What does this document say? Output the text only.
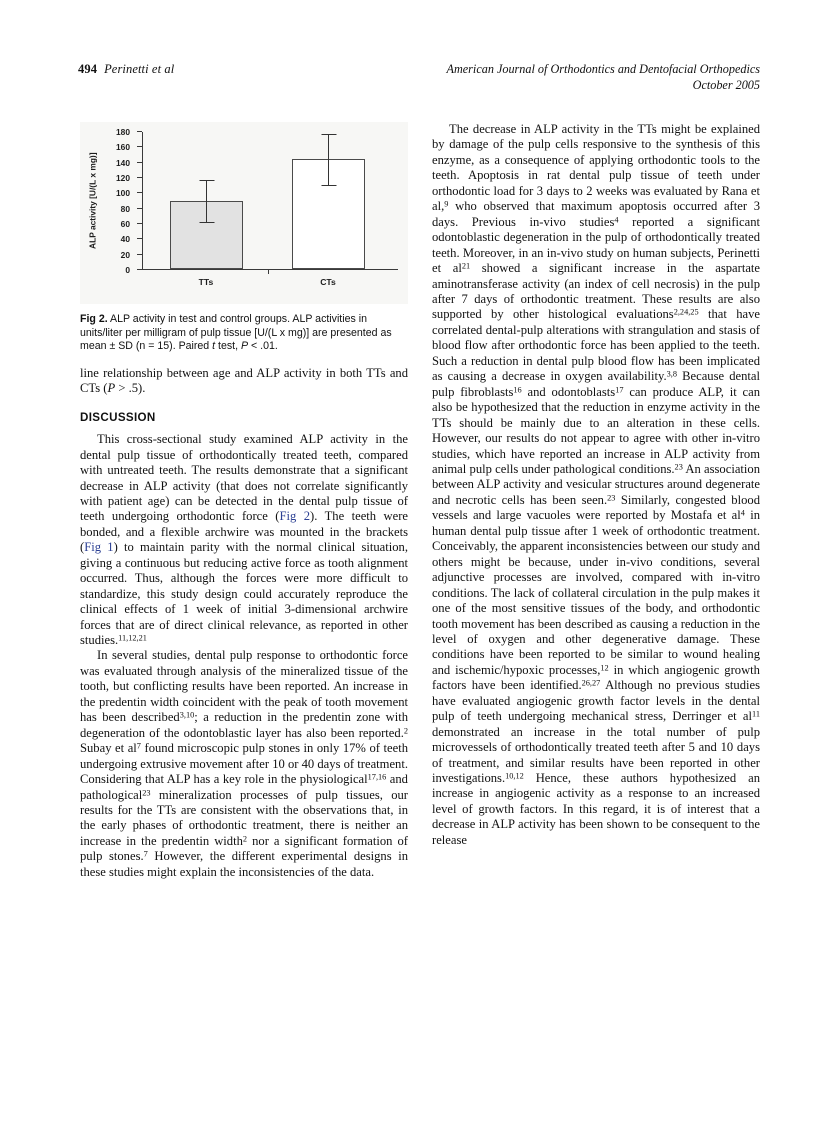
494 Perinetti et al	American Journal of Orthodontics and Dentofacial Orthopedics
October 2005
ALP activity [U/(L x mg)]
0
20
40
60
80
100
120
140
160
180
TTs	CTs
Fig 2. ALP activity in test and control groups. ALP activities in units/liter per milligram of pulp tissue [U/(L x mg)] are presented as mean ± SD (n = 15). Paired t test, P < .01.

line relationship between age and ALP activity in both TTs and CTs (P > .5).

DISCUSSION

This cross-sectional study examined ALP activity in the dental pulp tissue of orthodontically treated teeth, compared with untreated teeth. The results demonstrate that a significant decrease in ALP activity (that does not correlate significantly with patient age) can be detected in the dental pulp tissue of teeth undergoing orthodontic force (Fig 2). The teeth were bonded, and a flexible archwire was mounted in the brackets (Fig 1) to maintain parity with the normal clinical situation, giving a continuous but reducing active force as tooth alignment occurred. Thus, although the forces were more difficult to standardize, this study design could accurately reproduce the clinical effects of 1 week of initial 3-dimensional archwire forces that are of direct clinical relevance, as reported in other studies.$^{11,12,21}$

In several studies, dental pulp response to orthodontic force was evaluated through analysis of the mineralized tissue of the tooth, but conflicting results have been reported. An increase in the predentin width coincident with the peak of tooth movement has been described$^{3,10}$; a reduction in the predentin zone with degeneration of the odontoblastic layer has also been reported.$^2$ Subay et $al^7$ found microscopic pulp stones in only 17% of teeth undergoing extrusive movement after 10 or 40 days of treatment. Considering that ALP has a key role in the physiological$^{17,16}$ and pathological$^{23}$ mineralization processes of pulp tissues, our results for the TTs are consistent with the observations that, in the early phases of orthodontic treatment, there is neither an increase in the predentin width$^2$ nor a significant formation of pulp stones.$^7$ However, the different experimental designs in these studies might explain the inconsistencies of the data.

The decrease in ALP activity in the TTs might be explained by damage of the pulp cells responsive to the synthesis of this enzyme, as a consequence of applying orthodontic tools to the teeth. Apoptosis in rat dental pulp tissue of teeth under orthodontic load for 3 days to 2 weeks was evaluated by Rana et al,$^9$ who observed that maximum apoptosis occurred after 3 days. Previous in-vivo studies$^4$ reported a significant odontoblastic degeneration in the pulp of orthodontically treated teeth. Moreover, in an in-vivo study on human subjects, Perinetti et $al^{21}$ showed a significant increase in the aspartate aminotransferase activity (an index of cell necrosis) in the pulp after 7 days of orthodontic treatment. These results are also supported by other histological evaluations$^{2,24,25}$ that have correlated dental-pulp alterations with strangulation and stasis of blood flow after orthodontic force has been applied to the teeth. Such a reduction in dental pulp blood flow has been implicated as causing a decrease in oxygen availability.$^{3,8}$ Because dental pulp fibroblasts$^{16}$ and odontoblasts$^{17}$ can produce ALP, it can also be hypothesized that the reduction in enzyme activity in the TTs should be mainly due to an alteration in these cells. However, our results do not appear to agree with other in-vitro studies, which have reported an increase in ALP activity from animal pulp cells under pathological conditions.$^{23}$ An association between ALP activity and vesicular structures around degenerate and necrotic cells has been seen.$^{23}$ Similarly, congested blood vessels and large vacuoles were reported by Mostafa et $al^4$ in human dental pulp tissue after 1 week of orthodontic treatment. Conceivably, the apparent inconsistencies between our study and others might be because, under in-vivo conditions, several adjunctive processes are involved, compared with in-vitro conditions. The lack of collateral circulation in the pulp makes it one of the most sensitive tissues of the body, and orthodontic tooth movement has been described as causing a reduction in the level of oxygen and other degenerative damage. These conditions have been reported to be similar to wound healing and ischemic/hypoxic processes,$^{12}$ in which angiogenic growth factors have been identified.$^{26,27}$ Although no previous studies have evaluated angiogenic growth factor levels in the dental pulp of teeth undergoing mechanical stress, Derringer et $al^{11}$ demonstrated an increase in the total number of pulp microvessels of orthodontically treated teeth after 5 and 10 days of treatment, and similar results have been reported in other investigations.$^{10,12}$ Hence, these authors hypothesized an increase in angiogenic activity as a response to an increased level of growth factors. In this regard, it is of interest that a decrease in ALP activity has been shown to be consequent to the release
